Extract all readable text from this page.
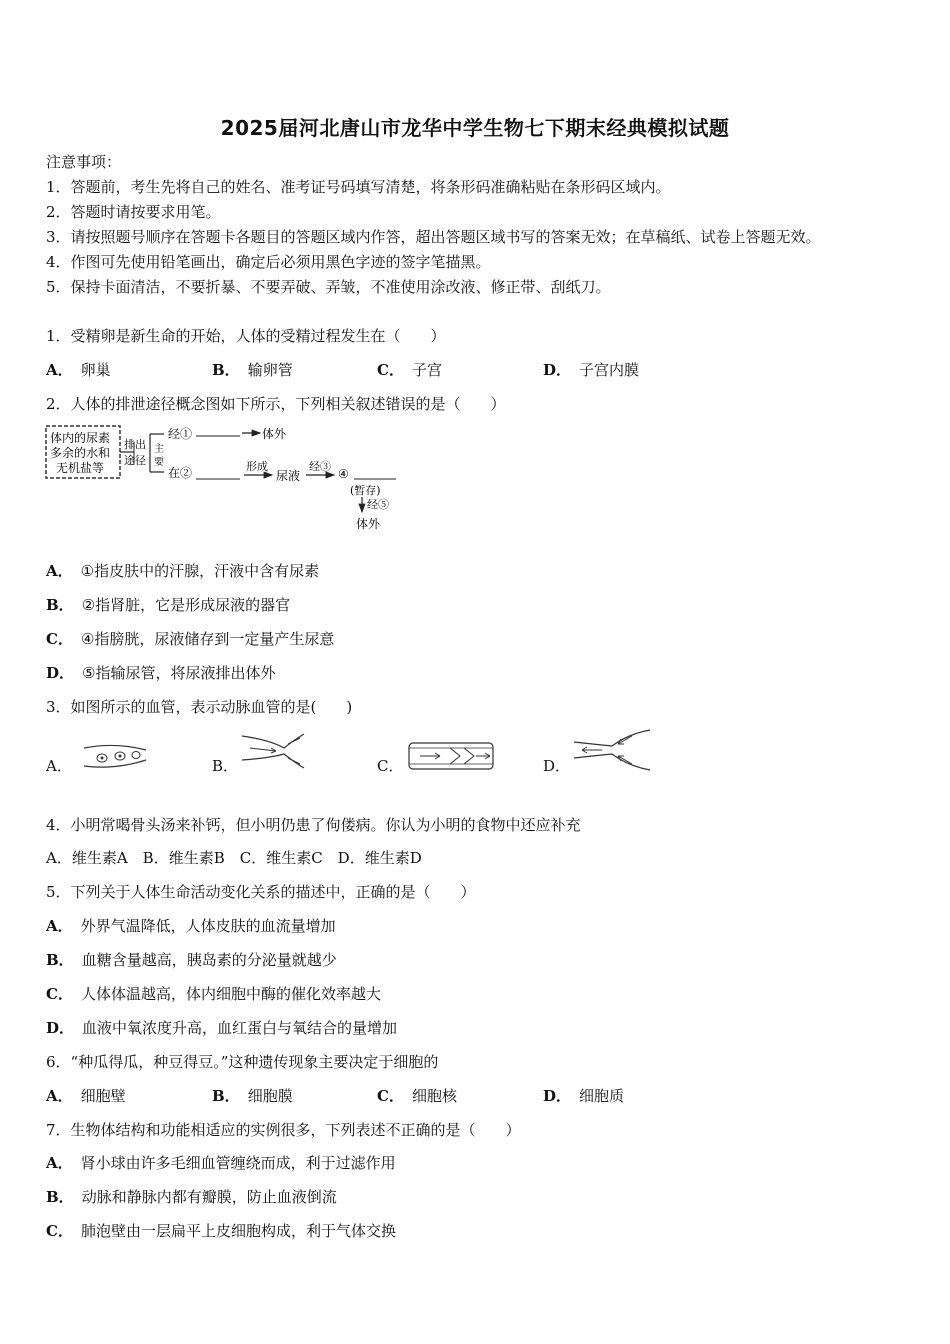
2025届河北唐山市龙华中学生物七下期末经典模拟试题
注意事项：
1．答题前，考生先将自己的姓名、准考证号码填写清楚，将条形码准确粘贴在条形码区域内。
2．答题时请按要求用笔。
3．请按照题号顺序在答题卡各题目的答题区域内作答，超出答题区域书写的答案无效；在草稿纸、试卷上答题无效。
4．作图可先使用铅笔画出，确定后必须用黑色字迹的签字笔描黑。
5．保持卡面清洁，不要折暴、不要弄破、弄皱，不准使用涂改液、修正带、刮纸刀。
1．受精卵是新生命的开始，人体的受精过程发生在（　　）
A． 卵巢	B． 输卵管	C． 子宫	D． 子宫内膜
2．人体的排泄途径概念图如下所示，下列相关叙述错误的是（　　）
体内的尿素
多余的水和
无机盐等
排出
途径
主
要
经①	体外
在②	形成
尿液
经③
④
(暂存)
经⑤
体外
A． ①指皮肤中的汗腺，汗液中含有尿素
B． ②指肾脏，它是形成尿液的器官
C． ④指膀胱，尿液储存到一定量产生尿意
D． ⑤指输尿管，将尿液排出体外
3．如图所示的血管，表示动脉血管的是(　　)
A．	B．	C．	D．
4．小明常喝骨头汤来补钙，但小明仍患了佝偻病。你认为小明的食物中还应补充
A．维生素A　B．维生素B　C．维生素C　D．维生素D
5．下列关于人体生命活动变化关系的描述中，正确的是（　　）
A． 外界气温降低，人体皮肤的血流量增加
B． 血糖含量越高，胰岛素的分泌量就越少
C． 人体体温越高，体内细胞中酶的催化效率越大
D． 血液中氧浓度升高，血红蛋白与氧结合的量增加
6．“种瓜得瓜，种豆得豆。”这种遗传现象主要决定于细胞的
A． 细胞壁	B． 细胞膜	C． 细胞核	D． 细胞质
7．生物体结构和功能相适应的实例很多，下列表述不正确的是（　　）
A． 肾小球由许多毛细血管缠绕而成，利于过滤作用
B． 动脉和静脉内都有瓣膜，防止血液倒流
C． 肺泡壁由一层扁平上皮细胞构成，利于气体交换
